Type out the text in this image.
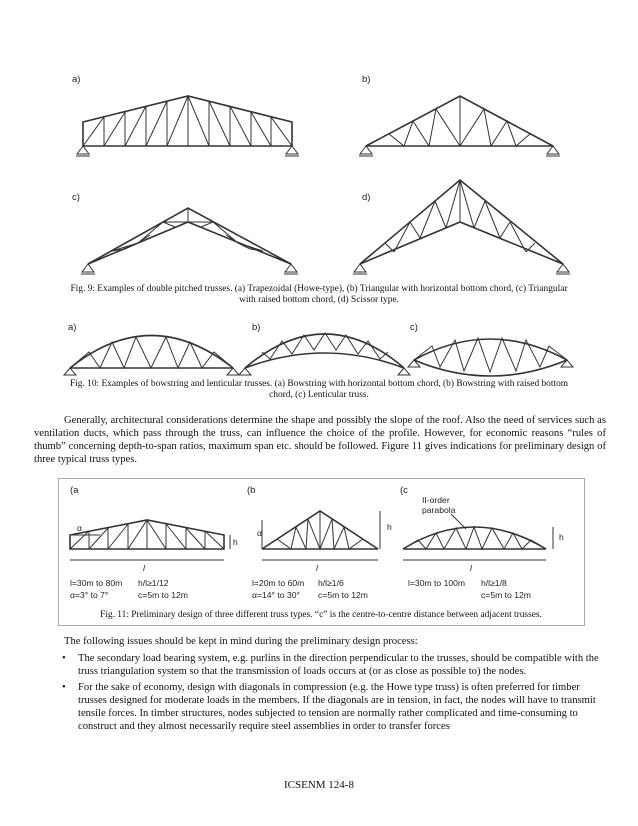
a)	b)
c)	d)
Fig. 9: Examples of double pitched trusses. (a) Trapezoidal (Howe-type), (b) Triangular with horizontal bottom chord, (c) Triangular
with raised bottom chord, (d) Scissor type.
a)	b)	c)
Fig. 10: Examples of bowstring and lenticular trusses. (a) Bowstring with horizontal bottom chord, (b) Bowstring with raised bottom
chord, (c) Lenticular truss.
Generally, architectural considerations determine the shape and possibly the slope of the roof. Also the need of services such as ventilation ducts, which pass through the truss, can influence the choice of the profile. However, for economic reasons “rules of thumb” concerning depth-to-span ratios, maximum span etc. should be followed. Figure 11 gives indications for preliminary design of three typical truss types.
(a	(b	(c
α
h
l
α
h
l
II-order
parabola
h
l
l=30m to 80m h/l≥1/12
α=3° to 7°	c=5m to 12m
l=20m to 60m h/l≥1/6
α=14° to 30° c=5m to 12m
l=30m to 100m h/l≥1/8
c=5m to 12m
Fig. 11: Preliminary design of three different truss types. “c” is the centre-to-centre distance between adjacent trusses.
The following issues should be kept in mind during the preliminary design process:
• The secondary load bearing system, e.g. purlins in the direction perpendicular to the trusses, should be compatible with the truss triangulation system so that the transmission of loads occurs at (or as close as possible to) the nodes.
• For the sake of economy, design with diagonals in compression (e.g. the Howe type truss) is often preferred for timber trusses designed for moderate loads in the members. If the diagonals are in tension, in fact, the nodes will have to transmit tensile forces. In timber structures, nodes subjected to tension are normally rather complicated and time-consuming to construct and they almost necessarily require steel assemblies in order to transfer forces
ICSENM 124-8
